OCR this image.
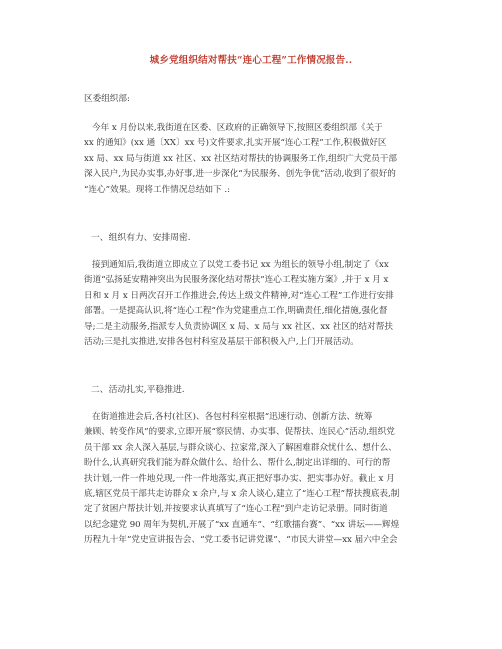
城乡党组织结对帮扶“连心工程”工作情况报告..
区委组织部:
今年 x 月份以来,我街道在区委、区政府的正确领导下,按照区委组织部《关于
xx 的通知》(xx 通〔XX〕xx 号)文件要求,扎实开展“连心工程”工作,积极做好区
xx 局、xx 局与街道 xx 社区、xx 社区结对帮扶的协调服务工作,组织广大党员干部
深入民户,为民办实事,办好事,进一步深化“为民服务、创先争优”活动,收到了很好的
“连心”效果。现将工作情况总结如下 .:
一、组织有力、安排周密.
接到通知后,我街道立即成立了以党工委书记 xx 为组长的领导小组,制定了《xx
街道“弘扬延安精神突出为民服务深化结对帮扶”连心工程实施方案》,并于 x 月 x
日和 x 月 x 日两次召开工作推进会,传达上级文件精神,对“连心工程”工作进行安排
部署。一是提高认识,将“连心工程”作为党建重点工作,明确责任,细化措施,强化督
导;二是主动服务,指派专人负责协调区 x 局、x 局与 xx 社区、xx 社区的结对帮扶
活动;三是扎实推进,安排各包村科室及基层干部积极入户,上门开展活动。
二、活动扎实,平稳推进.
在街道推进会后,各村(社区)、各包村科室根据“迅速行动、创新方法、统筹
兼顾、转变作风”的要求,立即开展“察民情、办实事、促帮扶、连民心”活动,组织党
员干部 xx 余人深入基层,与群众谈心、拉家常,深入了解困难群众忧什么、想什么、
盼什么,认真研究我们能为群众做什么、给什么、帮什么,制定出详细的、可行的帮
扶计划,一件一件地兑现,一件一件地落实,真正把好事办实、把实事办好。截止 x 月
底,辖区党员干部共走访群众 x 余户,与 x 余人谈心,建立了“连心工程”帮扶搜底表,制
定了贫困户帮扶计划,并按要求认真填写了“连心工程”到户走访记录册。同时街道
以纪念建党 90 周年为契机,开展了“xx 直通车”、“红歌擂台赛”、“xx 讲坛——辉煌
历程九十年”党史宣讲报告会、“党工委书记讲党课”、“市民大讲堂—xx 届六中全会
